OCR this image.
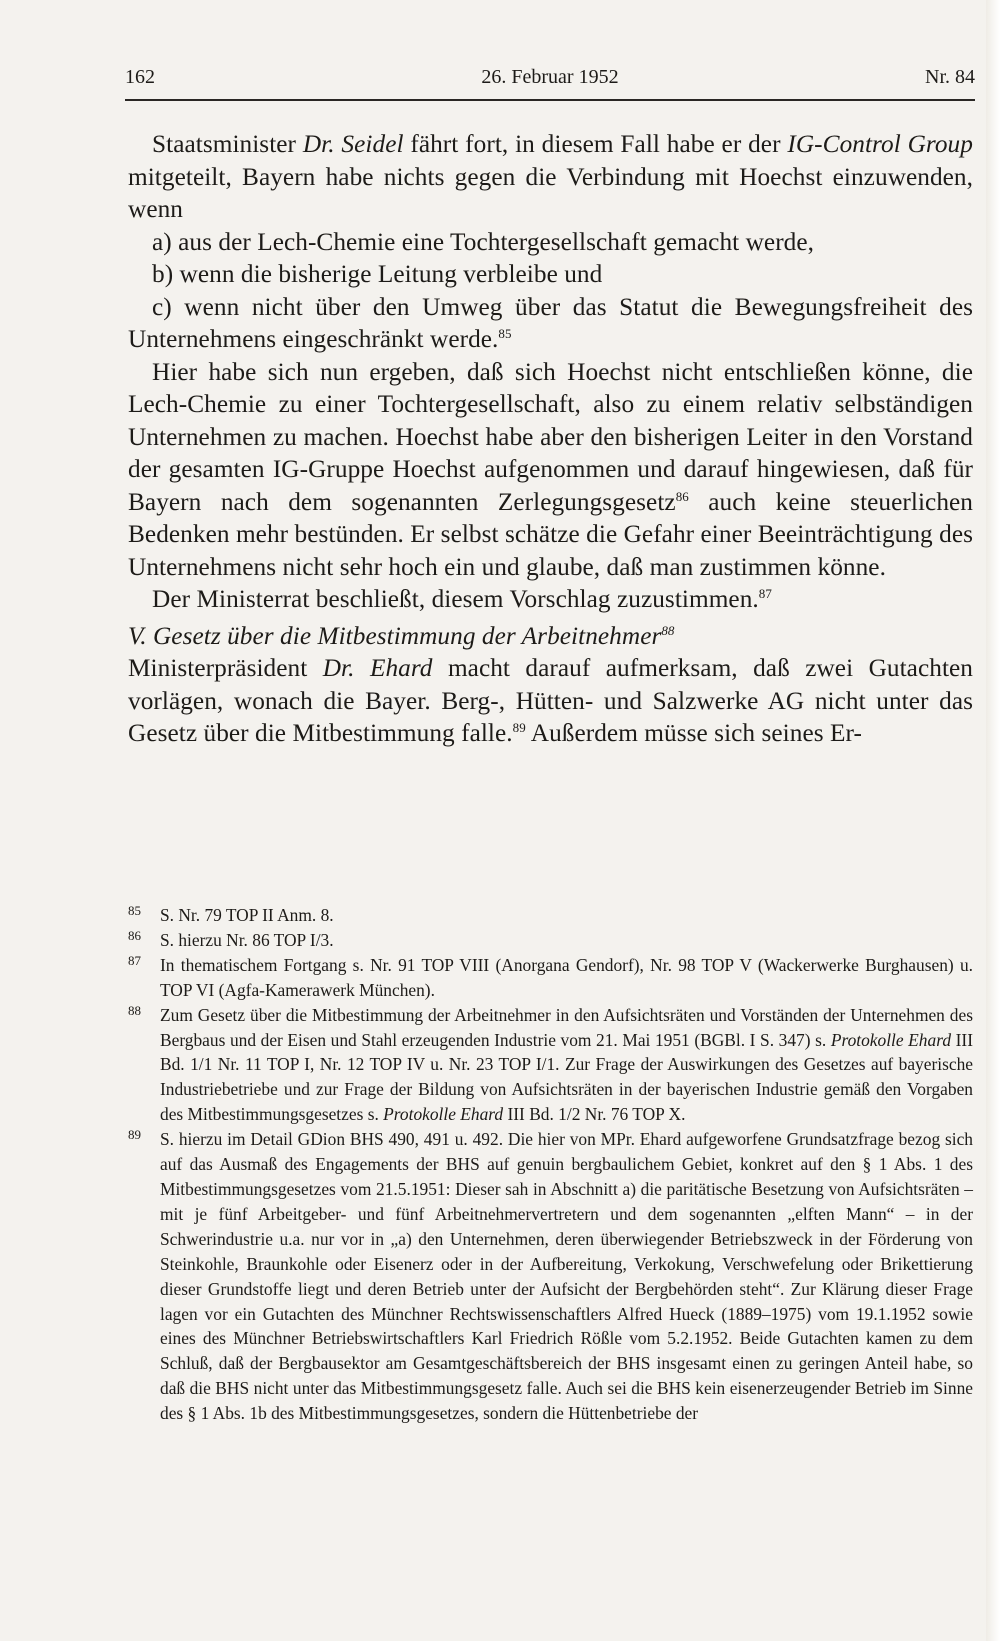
162	26. Februar 1952	Nr. 84

Staatsminister Dr. Seidel fährt fort, in diesem Fall habe er der IG-Control Group mitgeteilt, Bayern habe nichts gegen die Verbindung mit Hoechst einzuwenden, wenn

a) aus der Lech-Chemie eine Tochtergesellschaft gemacht werde,

b) wenn die bisherige Leitung verbleibe und

c) wenn nicht über den Umweg über das Statut die Bewegungsfreiheit des Unternehmens eingeschränkt werde.$^{85}$

Hier habe sich nun ergeben, daß sich Hoechst nicht entschließen könne, die Lech-Chemie zu einer Tochtergesellschaft, also zu einem relativ selbständigen Unternehmen zu machen. Hoechst habe aber den bisherigen Leiter in den Vorstand der gesamten IG-Gruppe Hoechst aufgenommen und darauf hingewiesen, daß für Bayern nach dem sogenannten Zerlegungsgesetz$^{86}$ auch keine steuerlichen Bedenken mehr bestünden. Er selbst schätze die Gefahr einer Beeinträchtigung des Unternehmens nicht sehr hoch ein und glaube, daß man zustimmen könne.

Der Ministerrat beschließt, diesem Vorschlag zuzustimmen.$^{87}$

V. Gesetz über die Mitbestimmung der Arbeitnehmer$^{88}$

Ministerpräsident Dr. Ehard macht darauf aufmerksam, daß zwei Gutachten vorlägen, wonach die Bayer. Berg-, Hütten- und Salzwerke AG nicht unter das Gesetz über die Mitbestimmung falle.$^{89}$ Außerdem müsse sich seines Er-

85 S. Nr. 79 TOP II Anm. 8.

86 S. hierzu Nr. 86 TOP I/3.

87 In thematischem Fortgang s. Nr. 91 TOP VIII (Anorgana Gendorf), Nr. 98 TOP V (Wackerwerke Burghausen) u. TOP VI (Agfa-Kamerawerk München).

88 Zum Gesetz über die Mitbestimmung der Arbeitnehmer in den Aufsichtsräten und Vorständen der Unternehmen des Bergbaus und der Eisen und Stahl erzeugenden Industrie vom 21. Mai 1951 (BGBl. I S. 347) s. Protokolle Ehard III Bd. 1/1 Nr. 11 TOP I, Nr. 12 TOP IV u. Nr. 23 TOP I/1. Zur Frage der Auswirkungen des Gesetzes auf bayerische Industriebetriebe und zur Frage der Bildung von Aufsichtsräten in der bayerischen Industrie gemäß den Vorgaben des Mitbestimmungsgesetzes s. Protokolle Ehard III Bd. 1/2 Nr. 76 TOP X.

89 S. hierzu im Detail GDion BHS 490, 491 u. 492. Die hier von MPr. Ehard aufgeworfene Grundsatzfrage bezog sich auf das Ausmaß des Engagements der BHS auf genuin bergbaulichem Gebiet, konkret auf den § 1 Abs. 1 des Mitbestimmungsgesetzes vom 21.5.1951: Dieser sah in Abschnitt a) die paritätische Besetzung von Aufsichtsräten – mit je fünf Arbeitgeber- und fünf Arbeitnehmervertretern und dem sogenannten „elften Mann“ – in der Schwerindustrie u.a. nur vor in „a) den Unternehmen, deren überwiegender Betriebszweck in der Förderung von Steinkohle, Braunkohle oder Eisenerz oder in der Aufbereitung, Verkokung, Verschwefelung oder Brikettierung dieser Grundstoffe liegt und deren Betrieb unter der Aufsicht der Bergbehörden steht“. Zur Klärung dieser Frage lagen vor ein Gutachten des Münchner Rechtswissenschaftlers Alfred Hueck (1889–1975) vom 19.1.1952 sowie eines des Münchner Betriebswirtschaftlers Karl Friedrich Rößle vom 5.2.1952. Beide Gutachten kamen zu dem Schluß, daß der Bergbausektor am Gesamtgeschäftsbereich der BHS insgesamt einen zu geringen Anteil habe, so daß die BHS nicht unter das Mitbestimmungsgesetz falle. Auch sei die BHS kein eisenerzeugender Betrieb im Sinne des § 1 Abs. 1b des Mitbestimmungsgesetzes, sondern die Hüttenbetriebe der
